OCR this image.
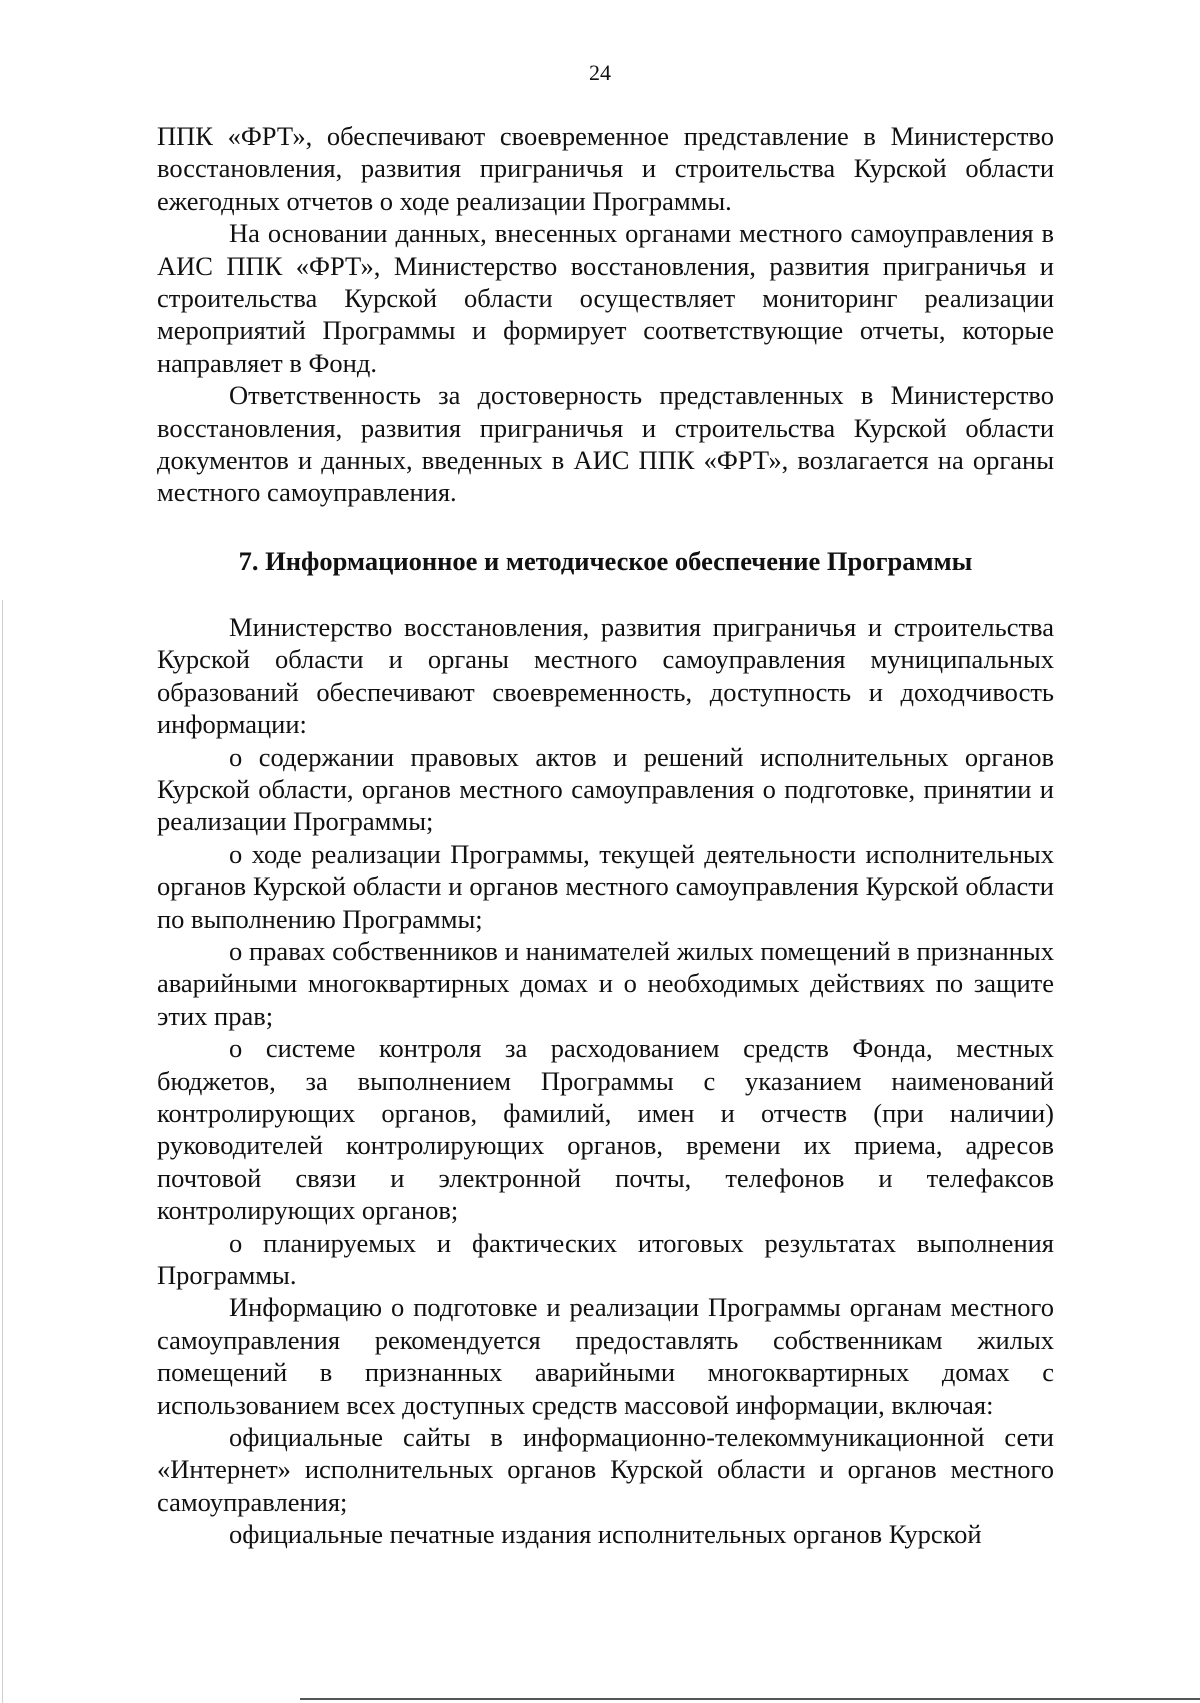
24

ППК «ФРТ», обеспечивают своевременное представление в Министерство восстановления, развития приграничья и строительства Курской области ежегодных отчетов о ходе реализации Программы.

На основании данных, внесенных органами местного самоуправления в АИС ППК «ФРТ», Министерство восстановления, развития приграничья и строительства Курской области осуществляет мониторинг реализации мероприятий Программы и формирует соответствующие отчеты, которые направляет в Фонд.

Ответственность за достоверность представленных в Министерство восстановления, развития приграничья и строительства Курской области документов и данных, введенных в АИС ППК «ФРТ», возлагается на органы местного самоуправления.

7. Информационное и методическое обеспечение Программы

Министерство восстановления, развития приграничья и строительства Курской области и органы местного самоуправления муниципальных образований обеспечивают своевременность, доступность и доходчивость информации:

о содержании правовых актов и решений исполнительных органов Курской области, органов местного самоуправления о подготовке, принятии и реализации Программы;

о ходе реализации Программы, текущей деятельности исполнительных органов Курской области и органов местного самоуправления Курской области по выполнению Программы;

о правах собственников и нанимателей жилых помещений в признанных аварийными многоквартирных домах и о необходимых действиях по защите этих прав;

о системе контроля за расходованием средств Фонда, местных бюджетов, за выполнением Программы с указанием наименований контролирующих органов, фамилий, имен и отчеств (при наличии) руководителей контролирующих органов, времени их приема, адресов почтовой связи и электронной почты, телефонов и телефаксов контролирующих органов;

о планируемых и фактических итоговых результатах выполнения Программы.

Информацию о подготовке и реализации Программы органам местного самоуправления рекомендуется предоставлять собственникам жилых помещений в признанных аварийными многоквартирных домах с использованием всех доступных средств массовой информации, включая:

официальные сайты в информационно-телекоммуникационной сети «Интернет» исполнительных органов Курской области и органов местного самоуправления;

официальные печатные издания исполнительных органов Курской
